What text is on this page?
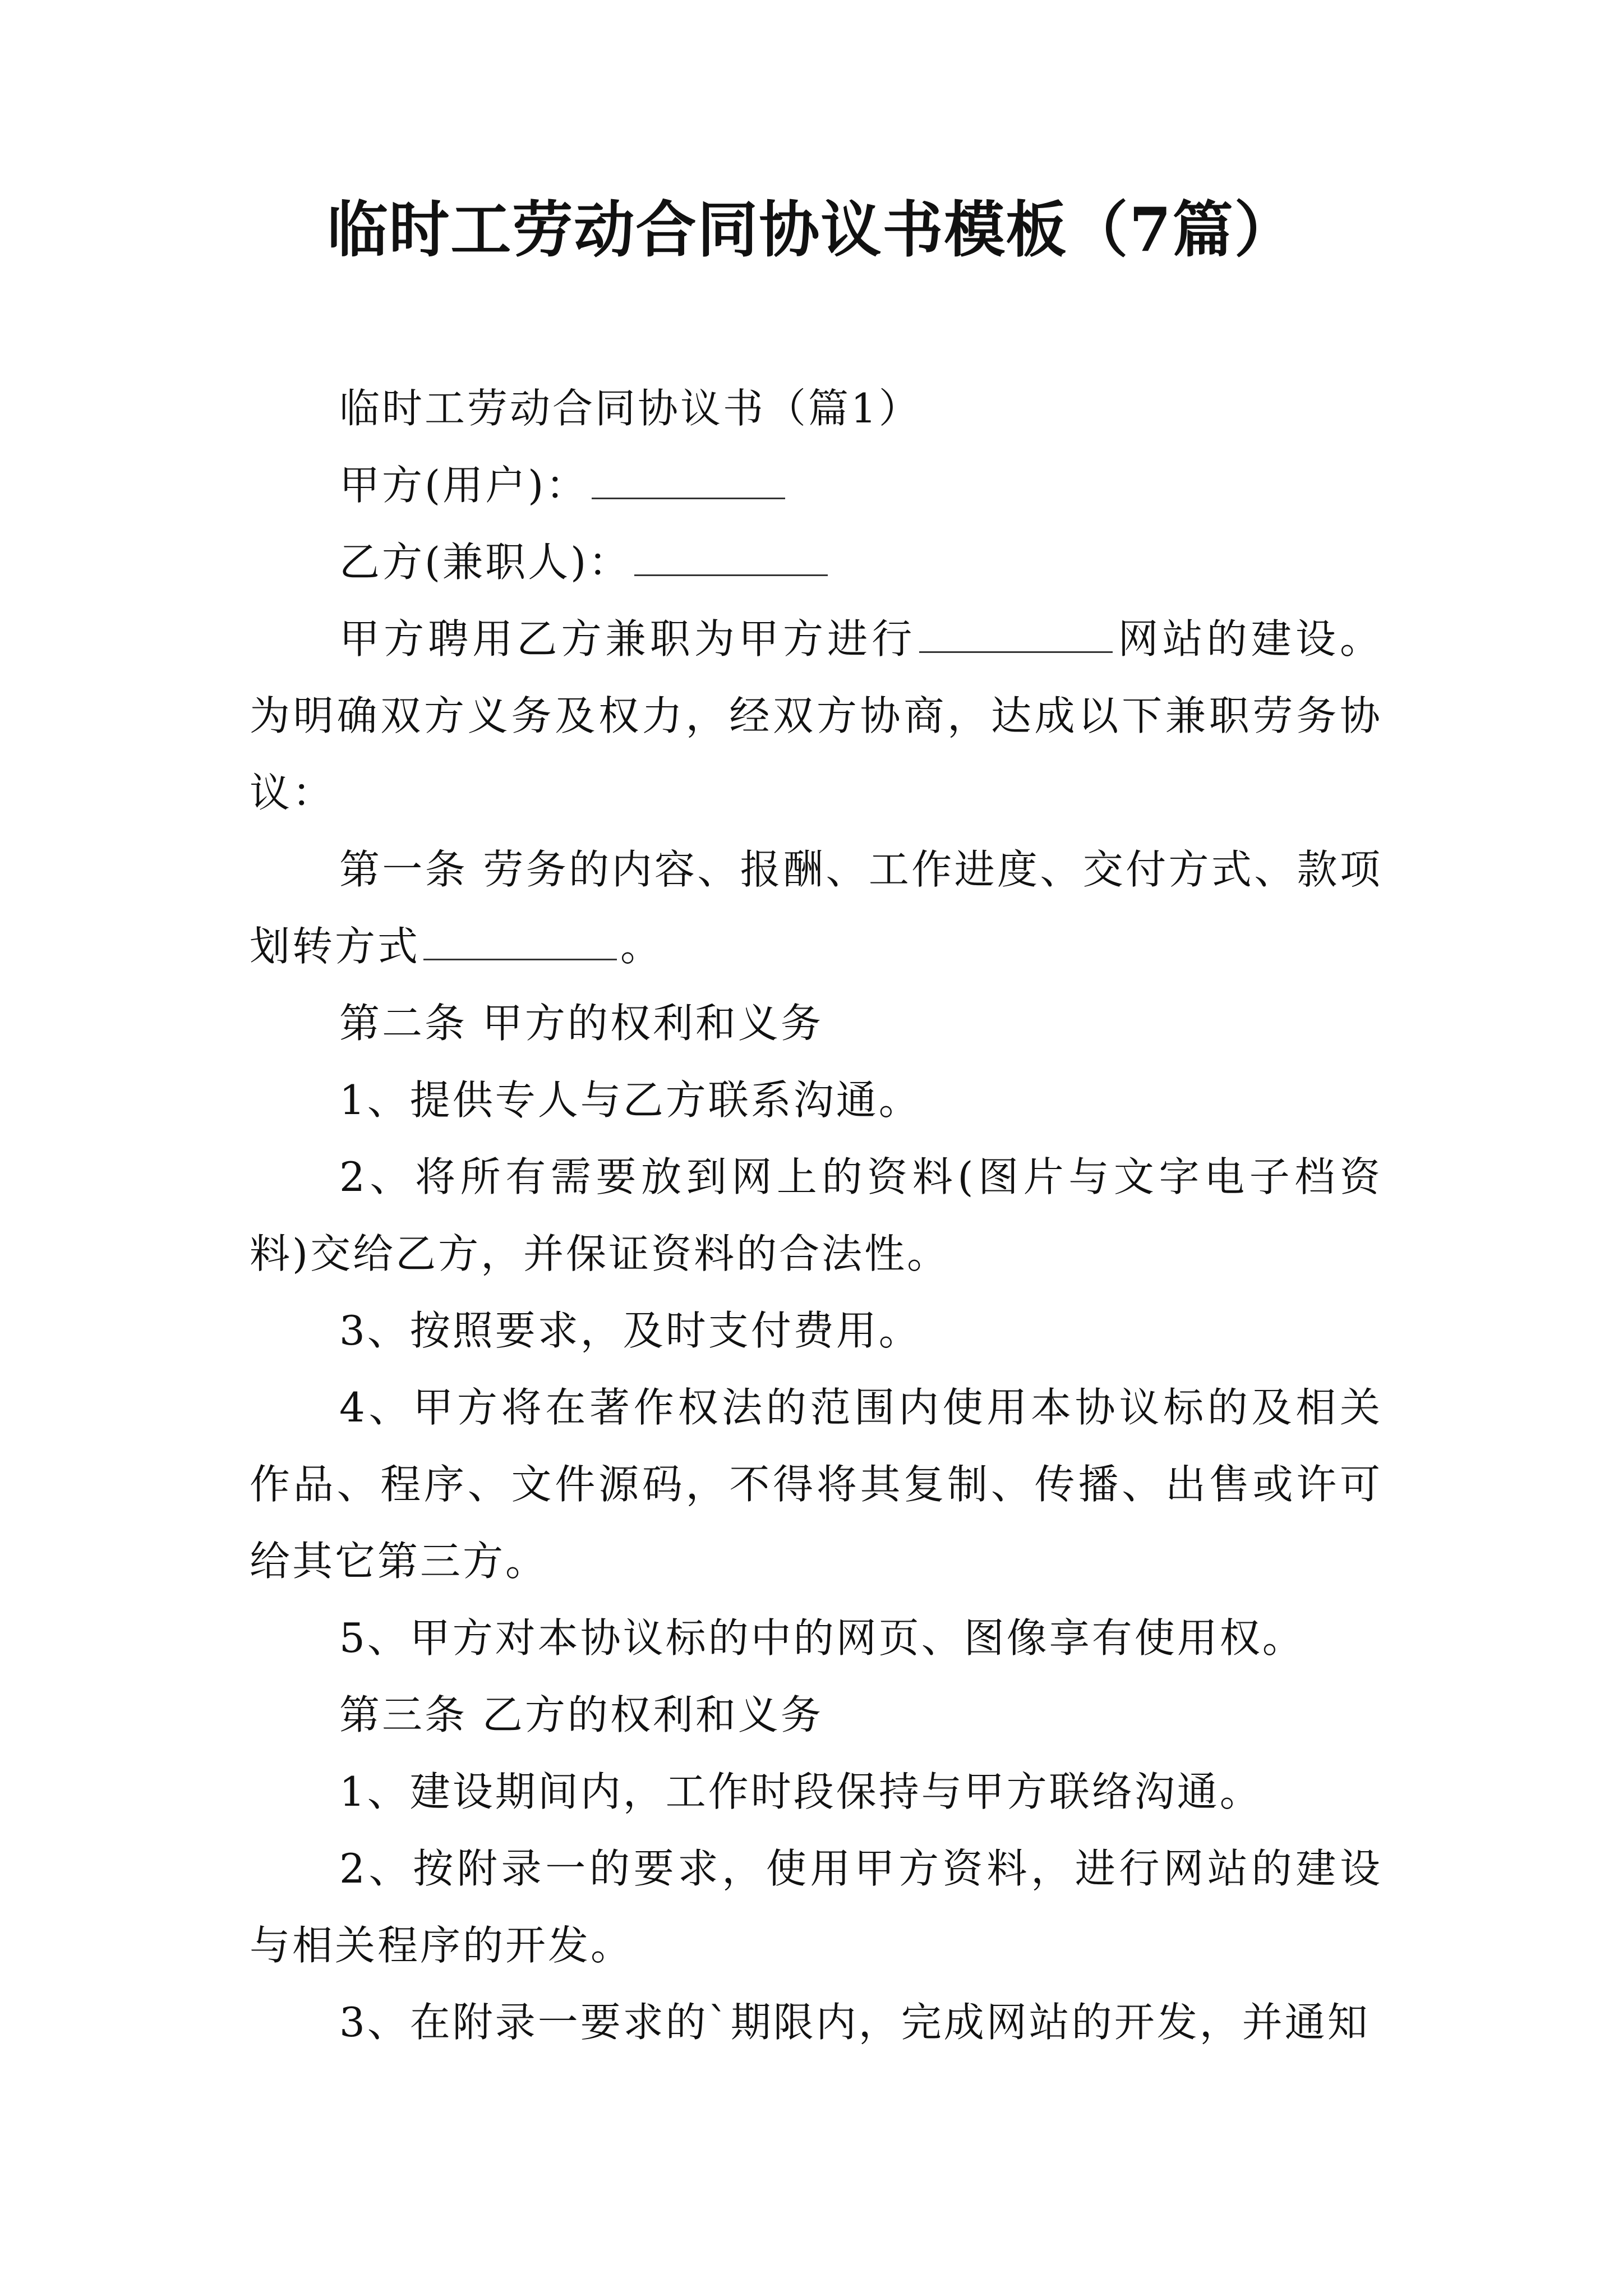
临时工劳动合同协议书模板（7篇）

临时工劳动合同协议书（篇1）

甲方(用户)：

乙方(兼职人)：

甲方聘用乙方兼职为甲方进行	网站的建设。为明确双方义务及权力，经双方协商，达成以下兼职劳务协议：

第一条 劳务的内容、报酬、工作进度、交付方式、款项划转方式	。

第二条 甲方的权利和义务

1、提供专人与乙方联系沟通。

2、将所有需要放到网上的资料(图片与文字电子档资料)交给乙方，并保证资料的合法性。

3、按照要求，及时支付费用。

4、甲方将在著作权法的范围内使用本协议标的及相关作品、程序、文件源码，不得将其复制、传播、出售或许可给其它第三方。

5、甲方对本协议标的中的网页、图像享有使用权。

第三条 乙方的权利和义务

1、建设期间内，工作时段保持与甲方联络沟通。

2、按附录一的要求，使用甲方资料，进行网站的建设与相关程序的开发。

3、在附录一要求的`期限内，完成网站的开发，并通知
